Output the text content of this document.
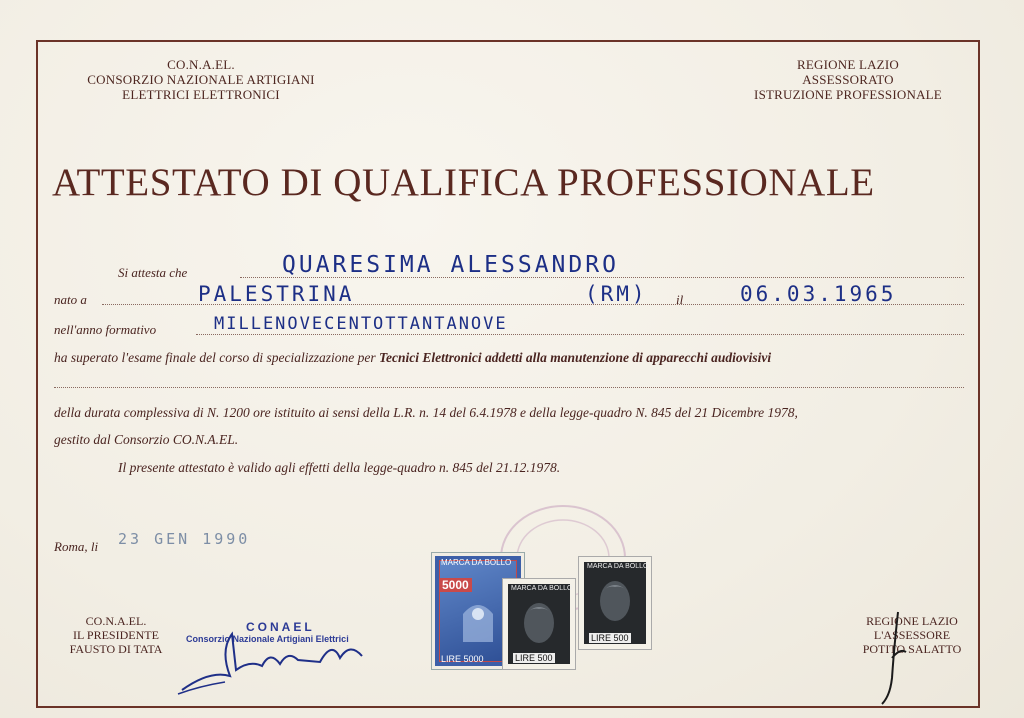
CO.N.A.EL.
CONSORZIO NAZIONALE ARTIGIANI
ELETTRICI ELETTRONICI
REGIONE LAZIO
ASSESSORATO
ISTRUZIONE PROFESSIONALE
ATTESTATO DI QUALIFICA PROFESSIONALE
Si attesta che	QUARESIMA ALESSANDRO
nato a	PALESTRINA	(RM) il	06.03.1965
nell'anno formativo	MILLENOVECENTOTTANTANOVE
ha superato l'esame finale del corso di specializzazione per Tecnici Elettronici addetti alla manutenzione di apparecchi audiovisivi
della durata complessiva di N. 1200 ore istituito ai sensi della L.R. n. 14 del 6.4.1978 e della legge-quadro N. 845 del 21 Dicembre 1978,
gestito dal Consorzio CO.N.A.EL.
Il presente attestato è valido agli effetti della legge-quadro n. 845 del 21.12.1978.
Roma, li 23 GEN 1990
MARCA DA BOLLO
5000
LIRE 5000
MARCA DA BOLLO
LIRE 500
MARCA DA BOLLO
LIRE 500
CO.N.A.EL.
IL PRESIDENTE
FAUSTO DI TATA
CONAEL
Consorzio Nazionale Artigiani Elettrici
REGIONE LAZIO
L'ASSESSORE
POTITO SALATTO
